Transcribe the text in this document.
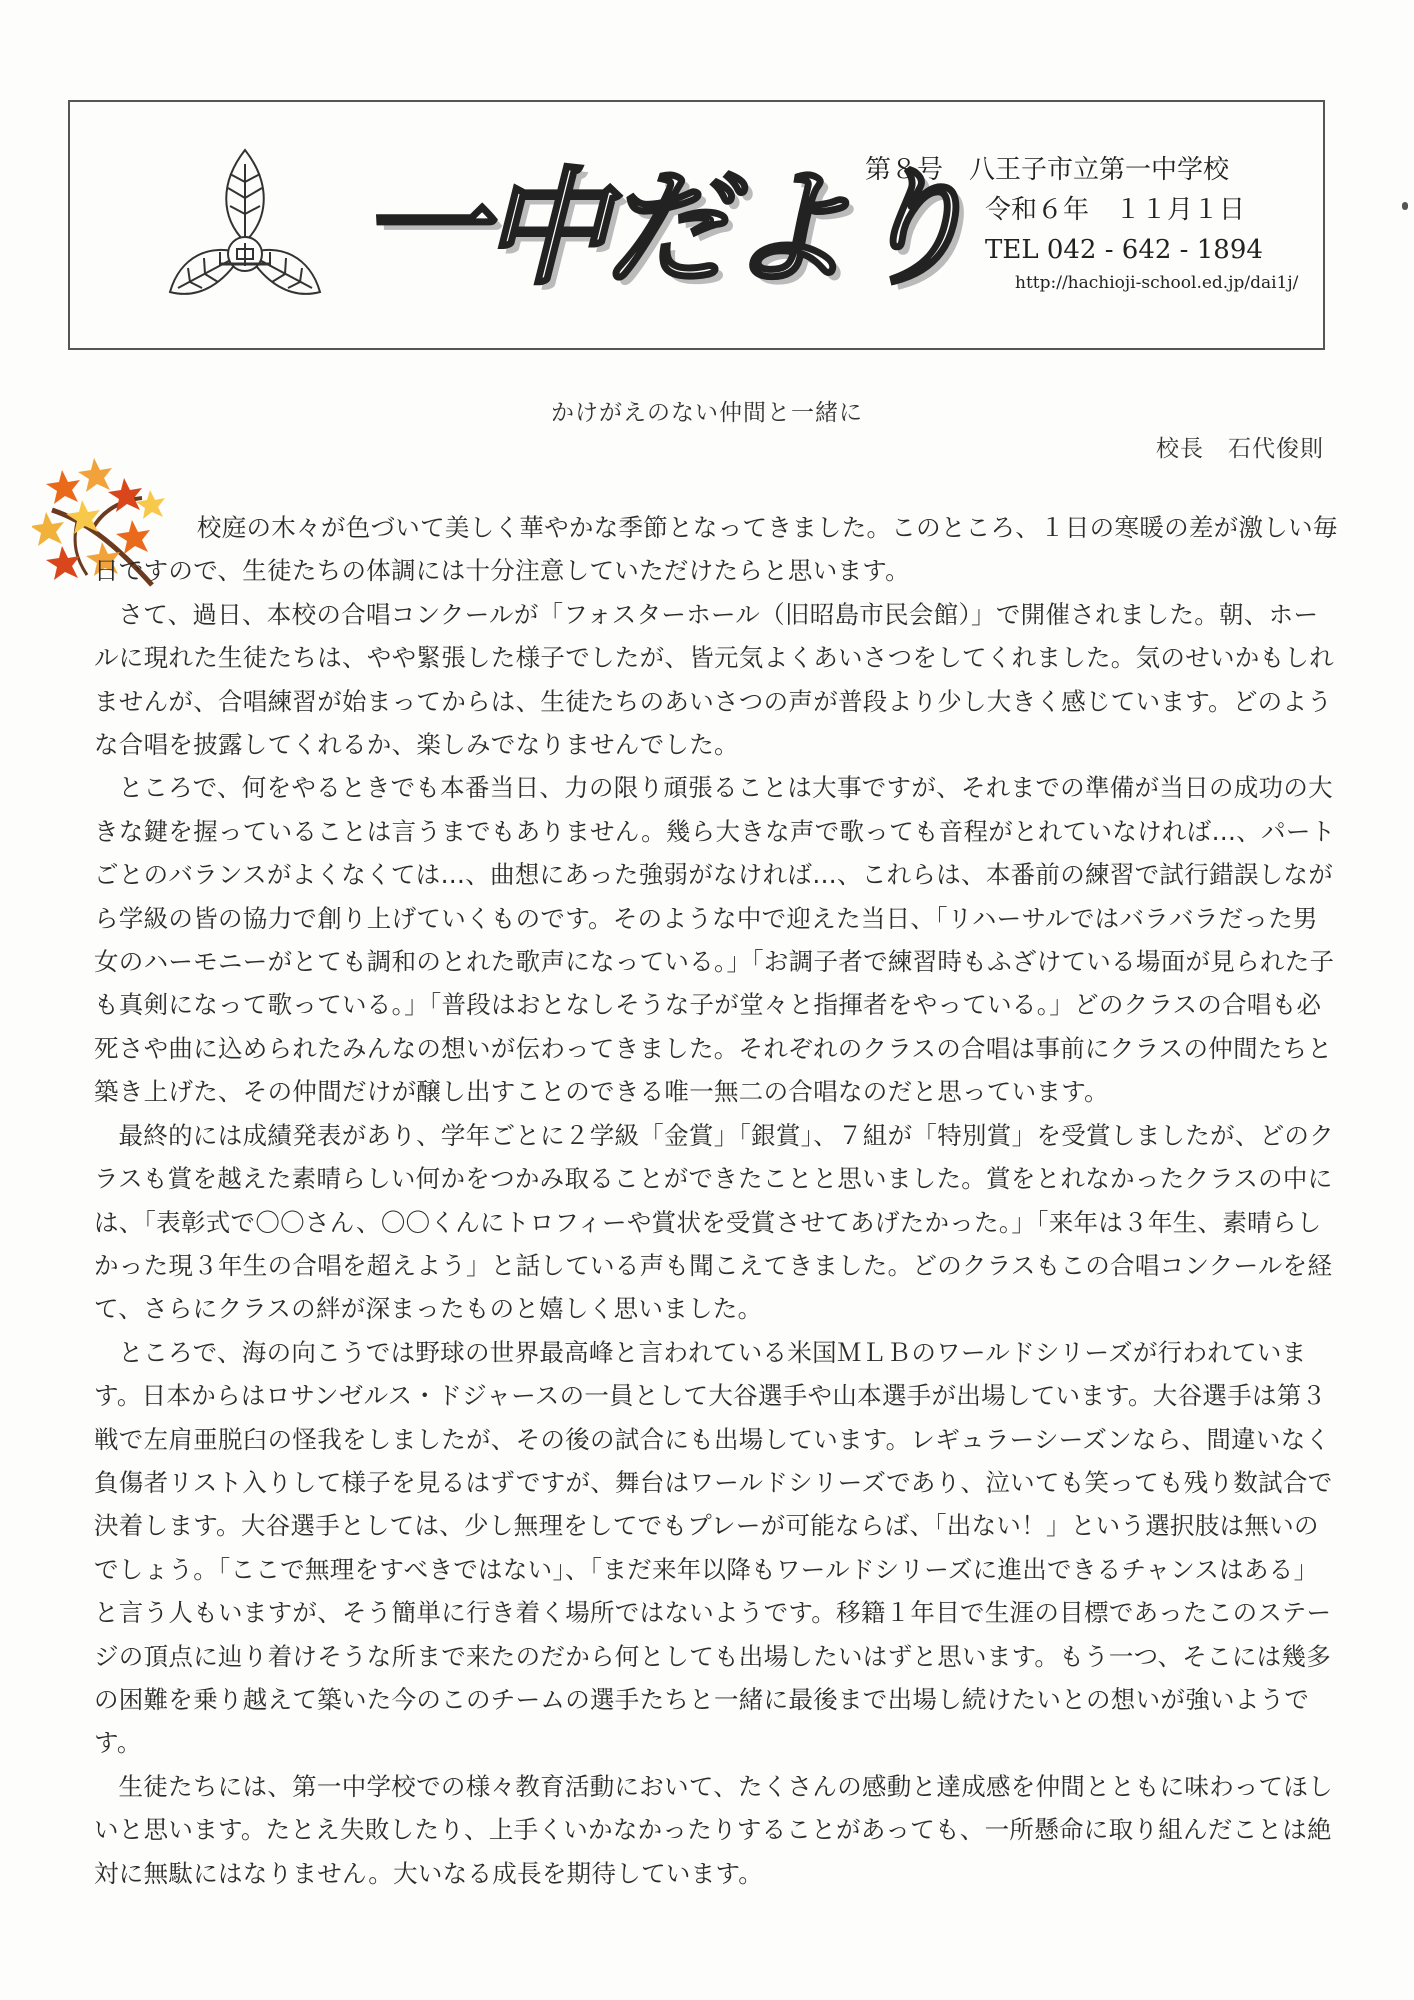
一中だより
第８号　八王子市立第一中学校
令和６年　１１月１日
TEL 042 - 642 - 1894
http://hachioji-school.ed.jp/dai1j/
かけがえのない仲間と一緒に
校長　石代俊則

校庭の木々が色づいて美しく華やかな季節となってきました。このところ、１日の寒暖の差が激しい毎日ですので、生徒たちの体調には十分注意していただけたらと思います。

さて、過日、本校の合唱コンクールが「フォスターホール（旧昭島市民会館）」で開催されました。朝、ホールに現れた生徒たちは、やや緊張した様子でしたが、皆元気よくあいさつをしてくれました。気のせいかもしれませんが、合唱練習が始まってからは、生徒たちのあいさつの声が普段より少し大きく感じています。どのような合唱を披露してくれるか、楽しみでなりませんでした。

ところで、何をやるときでも本番当日、力の限り頑張ることは大事ですが、それまでの準備が当日の成功の大きな鍵を握っていることは言うまでもありません。幾ら大きな声で歌っても音程がとれていなければ…、パートごとのバランスがよくなくては…、曲想にあった強弱がなければ…、これらは、本番前の練習で試行錯誤しながら学級の皆の協力で創り上げていくものです。そのような中で迎えた当日、「リハーサルではバラバラだった男女のハーモニーがとても調和のとれた歌声になっている。」「お調子者で練習時もふざけている場面が見られた子も真剣になって歌っている。」「普段はおとなしそうな子が堂々と指揮者をやっている。」どのクラスの合唱も必死さや曲に込められたみんなの想いが伝わってきました。それぞれのクラスの合唱は事前にクラスの仲間たちと築き上げた、その仲間だけが醸し出すことのできる唯一無二の合唱なのだと思っています。

最終的には成績発表があり、学年ごとに２学級「金賞」「銀賞」、７組が「特別賞」を受賞しましたが、どのクラスも賞を越えた素晴らしい何かをつかみ取ることができたことと思いました。賞をとれなかったクラスの中には、「表彰式で〇〇さん、〇〇くんにトロフィーや賞状を受賞させてあげたかった。」「来年は３年生、素晴らしかった現３年生の合唱を超えよう」と話している声も聞こえてきました。どのクラスもこの合唱コンクールを経て、さらにクラスの絆が深まったものと嬉しく思いました。

ところで、海の向こうでは野球の世界最高峰と言われている米国ＭＬＢのワールドシリーズが行われています。日本からはロサンゼルス・ドジャースの一員として大谷選手や山本選手が出場しています。大谷選手は第３戦で左肩亜脱臼の怪我をしましたが、その後の試合にも出場しています。レギュラーシーズンなら、間違いなく負傷者リスト入りして様子を見るはずですが、舞台はワールドシリーズであり、泣いても笑っても残り数試合で決着します。大谷選手としては、少し無理をしてでもプレーが可能ならば、「出ない！」という選択肢は無いのでしょう。「ここで無理をすべきではない」、「まだ来年以降もワールドシリーズに進出できるチャンスはある」と言う人もいますが、そう簡単に行き着く場所ではないようです。移籍１年目で生涯の目標であったこのステージの頂点に辿り着けそうな所まで来たのだから何としても出場したいはずと思います。もう一つ、そこには幾多の困難を乗り越えて築いた今のこのチームの選手たちと一緒に最後まで出場し続けたいとの想いが強いようです。

生徒たちには、第一中学校での様々教育活動において、たくさんの感動と達成感を仲間とともに味わってほしいと思います。たとえ失敗したり、上手くいかなかったりすることがあっても、一所懸命に取り組んだことは絶対に無駄にはなりません。大いなる成長を期待しています。
